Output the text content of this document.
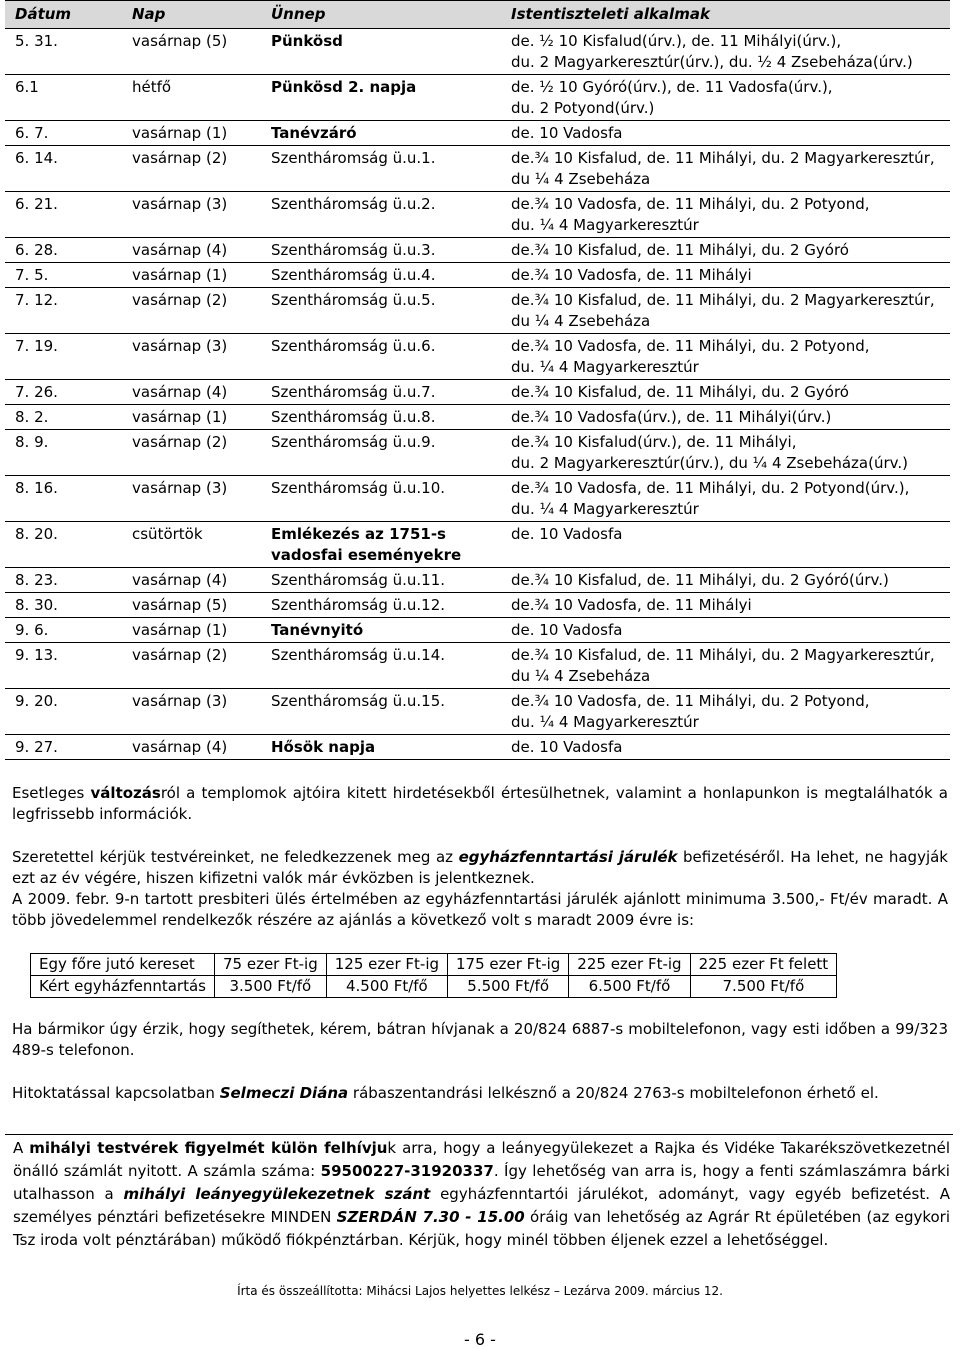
Dátum	Nap	Ünnep	Istentiszteleti alkalmak
5. 31.	vasárnap (5)	Pünkösd	de. ½ 10 Kisfalud(úrv.), de. 11 Mihályi(úrv.),
du. 2 Magyarkeresztúr(úrv.), du. ½ 4 Zsebeháza(úrv.)

6.1	hétfő	Pünkösd 2. napja	de. ½ 10 Gyóró(úrv.), de. 11 Vadosfa(úrv.),
du. 2 Potyond(úrv.)

6. 7.	vasárnap (1)	Tanévzáró	de. 10 Vadosfa

6. 14.	vasárnap (2)	Szentháromság ü.u.1.	de.¾ 10 Kisfalud, de. 11 Mihályi, du. 2 Magyarkeresztúr,
du ¼ 4 Zsebeháza

6. 21.	vasárnap (3)	Szentháromság ü.u.2.	de.¾ 10 Vadosfa, de. 11 Mihályi, du. 2 Potyond,
du. ¼ 4 Magyarkeresztúr

6. 28.	vasárnap (4)	Szentháromság ü.u.3.	de.¾ 10 Kisfalud, de. 11 Mihályi, du. 2 Gyóró

7. 5.	vasárnap (1)	Szentháromság ü.u.4.	de.¾ 10 Vadosfa, de. 11 Mihályi

7. 12.	vasárnap (2)	Szentháromság ü.u.5.	de.¾ 10 Kisfalud, de. 11 Mihályi, du. 2 Magyarkeresztúr,
du ¼ 4 Zsebeháza

7. 19.	vasárnap (3)	Szentháromság ü.u.6.	de.¾ 10 Vadosfa, de. 11 Mihályi, du. 2 Potyond,
du. ¼ 4 Magyarkeresztúr

7. 26.	vasárnap (4)	Szentháromság ü.u.7.	de.¾ 10 Kisfalud, de. 11 Mihályi, du. 2 Gyóró

8. 2.	vasárnap (1)	Szentháromság ü.u.8.	de.¾ 10 Vadosfa(úrv.), de. 11 Mihályi(úrv.)

8. 9.	vasárnap (2)	Szentháromság ü.u.9.	de.¾ 10 Kisfalud(úrv.), de. 11 Mihályi,
du. 2 Magyarkeresztúr(úrv.), du ¼ 4 Zsebeháza(úrv.)

8. 16.	vasárnap (3)	Szentháromság ü.u.10.	de.¾ 10 Vadosfa, de. 11 Mihályi, du. 2 Potyond(úrv.),
du. ¼ 4 Magyarkeresztúr

8. 20.	csütörtök	Emlékezés az 1751-s vadosfai eseményekre	de. 10 Vadosfa

8. 23.	vasárnap (4)	Szentháromság ü.u.11.	de.¾ 10 Kisfalud, de. 11 Mihályi, du. 2 Gyóró(úrv.)

8. 30.	vasárnap (5)	Szentháromság ü.u.12.	de.¾ 10 Vadosfa, de. 11 Mihályi

9. 6.	vasárnap (1)	Tanévnyitó	de. 10 Vadosfa

9. 13.	vasárnap (2)	Szentháromság ü.u.14.	de.¾ 10 Kisfalud, de. 11 Mihályi, du. 2 Magyarkeresztúr,
du ¼ 4 Zsebeháza

9. 20.	vasárnap (3)	Szentháromság ü.u.15.	de.¾ 10 Vadosfa, de. 11 Mihályi, du. 2 Potyond,
du. ¼ 4 Magyarkeresztúr

9. 27.	vasárnap (4)	Hősök napja	de. 10 Vadosfa
Esetleges változásról a templomok ajtóira kitett hirdetésekből értesülhetnek, valamint a honlapunkon is megtalálhatók a legfrissebb információk.
Szeretettel kérjük testvéreinket, ne feledkezzenek meg az egyházfenntartási járulék befizetéséről. Ha lehet, ne hagyják ezt az év végére, hiszen kifizetni valók már évközben is jelentkeznek.
A 2009. febr. 9-n tartott presbiteri ülés értelmében az egyházfenntartási járulék ajánlott minimuma 3.500,- Ft/év maradt. A több jövedelemmel rendelkezők részére az ajánlás a következő volt s maradt 2009 évre is:
Egy főre jutó kereset	75 ezer Ft-ig	125 ezer Ft-ig	175 ezer Ft-ig	225 ezer Ft-ig	225 ezer Ft felett
Kért egyházfenntartás	3.500 Ft/fő	4.500 Ft/fő	5.500 Ft/fő	6.500 Ft/fő	7.500 Ft/fő
Ha bármikor úgy érzik, hogy segíthetek, kérem, bátran hívjanak a 20/824 6887-s mobiltelefonon, vagy esti időben a 99/323 489-s telefonon.
Hitoktatással kapcsolatban Selmeczi Diána rábaszentandrási lelkésznő a 20/824 2763-s mobiltelefonon érhető el.
A mihályi testvérek figyelmét külön felhívjuk arra, hogy a leányegyülekezet a Rajka és Vidéke Takarékszövetkezetnél önálló számlát nyitott. A számla száma: 59500227-31920337. Így lehetőség van arra is, hogy a fenti számlaszámra bárki utalhasson a mihályi leányegyülekezetnek szánt egyházfenntartói járulékot, adományt, vagy egyéb befizetést. A személyes pénztári befizetésekre MINDEN SZERDÁN 7.30 - 15.00 óráig van lehetőség az Agrár Rt épületében (az egykori Tsz iroda volt pénztárában) működő fiókpénztárban. Kérjük, hogy minél többen éljenek ezzel a lehetőséggel.
Írta és összeállította: Mihácsi Lajos helyettes lelkész – Lezárva 2009. március 12.
- 6 -
